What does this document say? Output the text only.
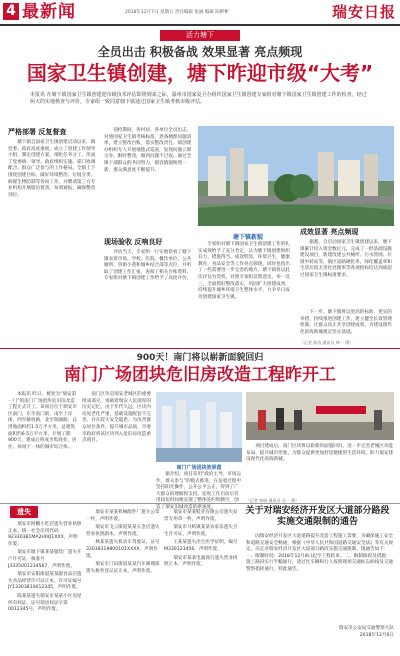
4 最新闻	2018年12月7日 星期五 责任编辑 张丽 编辑 陈彬彬	瑞安日报
活力塘下
全员出击 积极备战 效果显著 亮点频现
国家卫生镇创建，塘下昨迎市级“大考”
本报讯 在塘下镇国家卫生镇创建迎市级技术评估即将到来之际，温州市国家复卫办组织国家卫生镇创建专家组对塘下镇国家卫生镇创建工作的检查，经过两天的实地核查与评价，专家组一致同意塘下镇通过国家卫生镇考核市级评估。
严格部署 反复督查

塘下镇自国家卫生镇创建启动以来，镇党委、政府高度重视，成立了创建工作领导小组，制定创建方案，细化任务分工，形成了党委统一领导、政府组织实施、部门协调配合、群众广泛参与的工作格局。全镇上下围绕创建目标，做好环境整治、垃圾分类、病媒生物防制等各项工作，并聘请第三方专业机构开展暗访督查，每周通报，确保整改到位。

迎检期间，各村居、各单位全员出击，对照国家卫生镇考核标准，逐条梳理问题清单，建立整改台账，落实整改责任。镇创建办组织专人开展地毯式巡查，发现问题立即交办，限时整改，做到问题不过夜。通过全镇干部群众的共同努力，镇容镇貌焕然一新，群众满意度不断提升。

现场验收 反响良好

评估当天，专家组一行实地察看了塘下镇农贸市场、学校、医院、餐饮单位、公共厕所、背街小巷和城乡结合部等点位，并听取了创建工作汇报，查阅了相关台账资料。专家组对塘下镇创建工作给予了高度评价。

塘下镇新貌

专家组对塘下镇国家卫生镇创建工作的扎实成效给予了充分肯定，认为塘下镇创建组织有力、措施得当、成效明显，环境卫生、健康教育、食品安全等工作亮点频现，同时也指出了一些需要进一步完善的地方。塘下镇将以此次评估为契机，对照专家组反馈意见，举一反三，全面抓好整改落实，巩固扩大创建成果，持续提升城乡环境卫生整体水平，力争早日成功创建国家卫生镇。

成效显著 亮点频现

据悉，自启动国家卫生镇创建以来，塘下镇累计投入资金数亿元，完成了一批基础设施建设项目，新建改建公共厕所、污水管网、垃圾中转站等，镇区道路硬化率、绿化覆盖率和生活垃圾无害化处理率等各项指标均达到或超过国家卫生镇标准要求。

下一步，塘下镇将以更高的标准、更实的举措，持续推进创建工作，建立健全长效管理机制，让群众真正共享创建成果，为建设现代化滨海新城奠定坚实基础。

（记者 陈洁 通讯员 林一 摄）
900天！南门将以崭新面貌回归
南门广场团块危旧房改造工程昨开工

本报讯 昨日，被誉为“瑞安第一门”的南门广场团块危旧房改造工程正式开工。该项目位于瑞安市区南门，东至南门街，南至上岸街，西至解放路，北至瑞湖路，总用地面积约1.5万平方米，总建筑面积约6.5万平方米，计划工期900天，建成后将成为集商业、居住、休闲于一体的城市综合体。

南门区块是瑞安老城区的重要组成部分，承载着瑞安人民深厚的历史记忆。由于年代久远，区块内房屋老化严重，基础设施配套不完善，存在较大安全隐患。为改善群众居住条件，提升城市品质，市委市政府将该区块列入危旧房改造重点项目。

南门广场团块效果图

据介绍，项目采用“政府主导、市场运作、群众参与”的模式推进，在征收过程中坚持阳光操作，公开公平公正，得到了广大群众的理解和支持。征收工作启动后仅用较短时间便实现了整体签约和腾空，创造了瑞安旧城改造的新速度。

项目建成后，南门区块将以崭新的面貌回归，进一步完善老城区功能布局，提升城市形象，为群众提供更加舒适便捷的生活环境，助力瑞安建设现代化滨海新城。

（记者 林晓 通讯员 吴一 摄）
遗失

瑞安市阿鹏小吃店遗失营业执照正本，统一社会信用代码92330381MA2H0Q1XXX，声明作废。

瑞安市塘下镇某某服装厂遗失开户许可证，核准号J3335001234567，声明作废。

瑞安市安阳街道某某副食品店遗失食品经营许可证正本，许可证编号JY13303810012345，声明作废。

陈某某遗失瑞安市某某小区房屋所有权证，证号瑞房权证字第0012345号，声明作废。

瑞安市某某机械配件厂遗失公章一枚，声明作废。

瑞安市飞云街道某某五金店遗失营业执照副本，声明作废。

林某某遗失机动车驾驶证，证号33038119800101XXXX，声明作废。

瑞安市汀田街道某某汽车修理部遗失税务登记证正本，声明作废。

瑞安市某某鞋业有限公司遗失发票专用章一枚，声明作废。

瑞安市马屿镇某某农家乐遗失卫生许可证，声明作废。

王某某遗失出生医学证明，编号M330123456，声明作废。

瑞安市某某电器商行遗失营业执照正本，声明作废。

关于对瑞安经济开发区大道部分路段实施交通限制的通告

因瑞安经济开发区大道道路提升改造工程施工需要，为确保施工安全和道路交通安全畅通，根据《中华人民共和国道路交通安全法》等有关规定，决定对瑞安经济开发区大道部分路段实施交通限制，现通告如下：一、限制时间：2018年12月8日起至工程结束。二、限制路段及措施：施工路段实行半幅通行，请过往车辆和行人按照现场交通标志标线及交通警察指挥通行。特此通告。

瑞安市公安局交通警察大队
2018年12月6日
